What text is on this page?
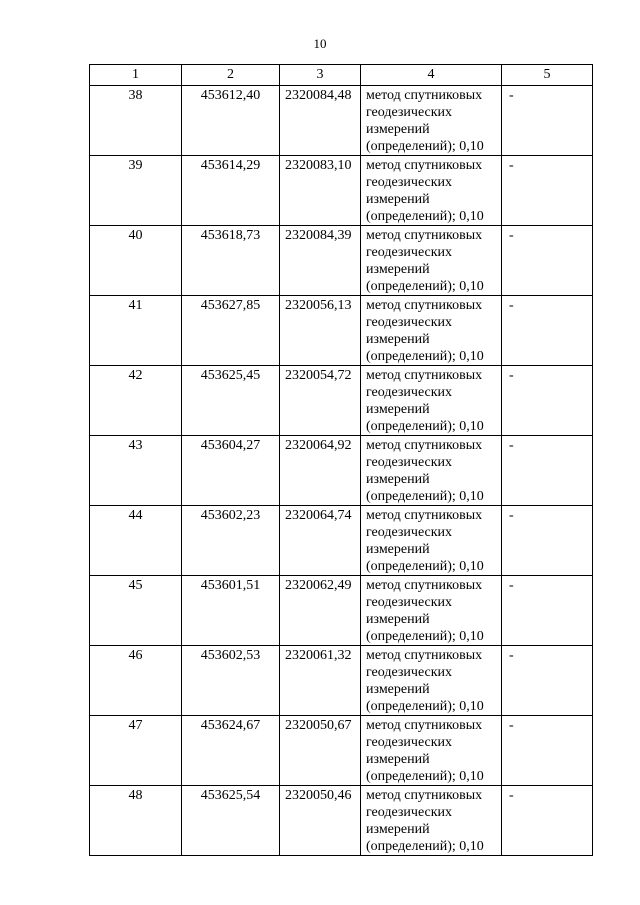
10
1	2	3	4	5
38	453612,40	2320084,48	метод спутниковых геодезических измерений (определений); 0,10	-
39	453614,29	2320083,10	метод спутниковых геодезических измерений (определений); 0,10	-
40	453618,73	2320084,39	метод спутниковых геодезических измерений (определений); 0,10	-
41	453627,85	2320056,13	метод спутниковых геодезических измерений (определений); 0,10	-
42	453625,45	2320054,72	метод спутниковых геодезических измерений (определений); 0,10	-
43	453604,27	2320064,92	метод спутниковых геодезических измерений (определений); 0,10	-
44	453602,23	2320064,74	метод спутниковых геодезических измерений (определений); 0,10	-
45	453601,51	2320062,49	метод спутниковых геодезических измерений (определений); 0,10	-
46	453602,53	2320061,32	метод спутниковых геодезических измерений (определений); 0,10	-
47	453624,67	2320050,67	метод спутниковых геодезических измерений (определений); 0,10	-
48	453625,54	2320050,46	метод спутниковых геодезических измерений (определений); 0,10	-
